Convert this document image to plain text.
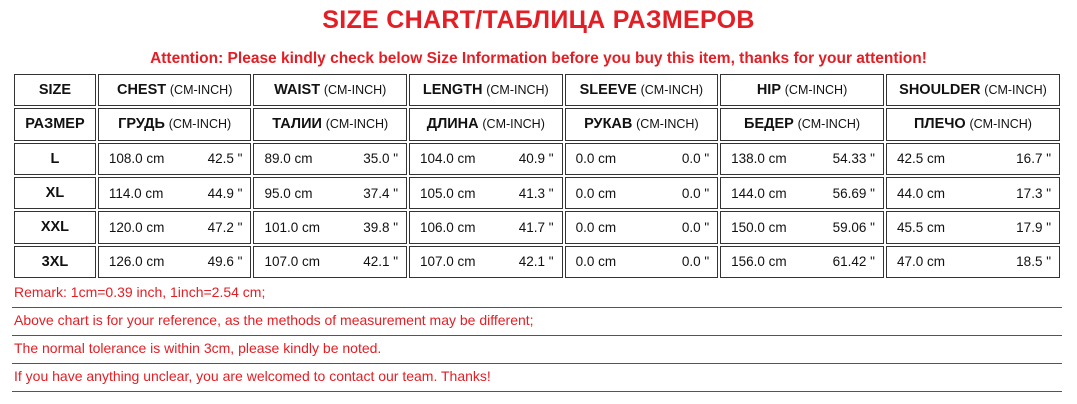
SIZE CHART/ТАБЛИЦА РАЗМЕРОВ
Attention: Please kindly check below Size Information before you buy this item, thanks for your attention!
SIZE	CHEST (CM-INCH)	WAIST (CM-INCH)	LENGTH (CM-INCH)	SLEEVE (CM-INCH)	HIP (CM-INCH)	SHOULDER (CM-INCH)
РАЗМЕР	ГРУДЬ (CM-INCH)	ТАЛИИ (CM-INCH)	ДЛИНА (CM-INCH)	РУКАВ (CM-INCH)	БЕДЕР (CM-INCH)	ПЛЕЧО (CM-INCH)
L	108.0 cm 42.5 "	89.0 cm 35.0 "	104.0 cm 40.9 "	0.0 cm 0.0 "	138.0 cm 54.33 "	42.5 cm 16.7 "

XL	114.0 cm 44.9 "	95.0 cm 37.4 "	105.0 cm 41.3 "	0.0 cm 0.0 "	144.0 cm 56.69 "	44.0 cm 17.3 "

XXL	120.0 cm 47.2 "	101.0 cm 39.8 "	106.0 cm 41.7 "	0.0 cm 0.0 "	150.0 cm 59.06 "	45.5 cm 17.9 "

3XL	126.0 cm 49.6 "	107.0 cm 42.1 "	107.0 cm 42.1 "	0.0 cm 0.0 "	156.0 cm 61.42 "	47.0 cm 18.5 "
Remark: 1cm=0.39 inch, 1inch=2.54 cm;
Above chart is for your reference, as the methods of measurement may be different;
The normal tolerance is within 3cm, please kindly be noted.
If you have anything unclear, you are welcomed to contact our team. Thanks!
